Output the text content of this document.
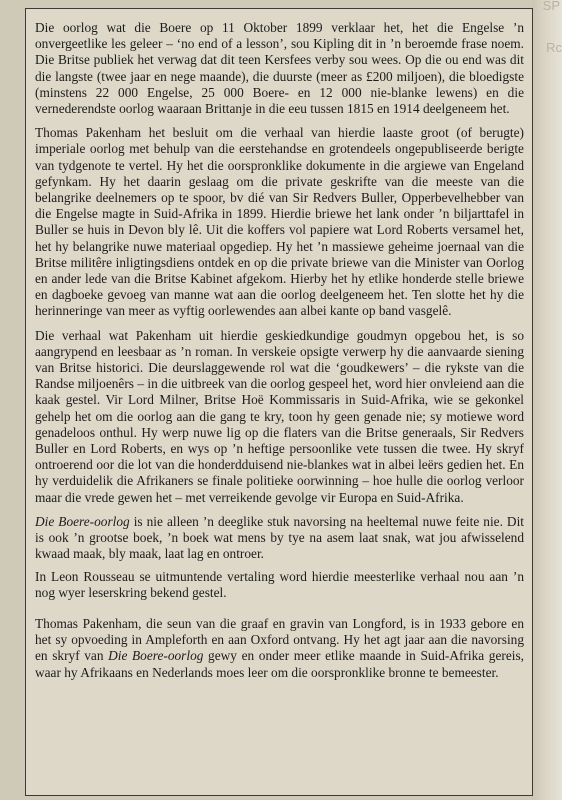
SP
Rc

Die oorlog wat die Boere op 11 Oktober 1899 verklaar het, het die Engelse ’n onvergeetlike les geleer – ‘no end of a lesson’, sou Kipling dit in ’n beroemde frase noem. Die Britse publiek het verwag dat dit teen Kersfees verby sou wees. Op die ou end was dit die langste (twee jaar en nege maande), die duurste (meer as £200 miljoen), die bloedigste (minstens 22 000 Engelse, 25 000 Boere- en 12 000 nie-blanke lewens) en die vernederendste oorlog waaraan Brittanje in die eeu tussen 1815 en 1914 deelgeneem het.

Thomas Pakenham het besluit om die verhaal van hierdie laaste groot (of berugte) imperiale oorlog met behulp van die eerstehandse en grotendeels ongepubliseerde berigte van tydgenote te vertel. Hy het die oorspronklike dokumente in die argiewe van Engeland gefynkam. Hy het daarin geslaag om die private geskrifte van die meeste van die belangrike deelnemers op te spoor, bv dié van Sir Redvers Buller, Opperbevelhebber van die Engelse magte in Suid-Afrika in 1899. Hierdie briewe het lank onder ’n biljarttafel in Buller se huis in Devon bly lê. Uit die koffers vol papiere wat Lord Roberts versamel het, het hy belangrike nuwe materiaal opgediep. Hy het ’n massiewe geheime joernaal van die Britse militêre inligtingsdiens ontdek en op die private briewe van die Minister van Oorlog en ander lede van die Britse Kabinet afgekom. Hierby het hy etlike honderde stelle briewe en dagboeke gevoeg van manne wat aan die oorlog deelgeneem het. Ten slotte het hy die herinneringe van meer as vyftig oorlewendes aan albei kante op band vasgelê.

Die verhaal wat Pakenham uit hierdie geskiedkundige goudmyn opgebou het, is so aangrypend en leesbaar as ’n roman. In verskeie opsigte verwerp hy die aanvaarde siening van Britse historici. Die deurslaggewende rol wat die ‘goudkewers’ – die rykste van die Randse miljoenêrs – in die uitbreek van die oorlog gespeel het, word hier onvleiend aan die kaak gestel. Vir Lord Milner, Britse Hoë Kommissaris in Suid-Afrika, wie se gekonkel gehelp het om die oorlog aan die gang te kry, toon hy geen genade nie; sy motiewe word genadeloos onthul. Hy werp nuwe lig op die flaters van die Britse generaals, Sir Redvers Buller en Lord Roberts, en wys op ’n heftige persoonlike vete tussen die twee. Hy skryf ontroerend oor die lot van die honderdduisend nie-blankes wat in albei leërs gedien het. En hy verduidelik die Afrikaners se finale politieke oorwinning – hoe hulle die oorlog verloor maar die vrede gewen het – met verreikende gevolge vir Europa en Suid-Afrika.

Die Boere-oorlog is nie alleen ’n deeglike stuk navorsing na heeltemal nuwe feite nie. Dit is ook ’n grootse boek, ’n boek wat mens by tye na asem laat snak, wat jou afwisselend kwaad maak, bly maak, laat lag en ontroer.

In Leon Rousseau se uitmuntende vertaling word hierdie meesterlike verhaal nou aan ’n nog wyer leserskring bekend gestel.

Thomas Pakenham, die seun van die graaf en gravin van Longford, is in 1933 gebore en het sy opvoeding in Ampleforth en aan Oxford ontvang. Hy het agt jaar aan die navorsing en skryf van Die Boere-oorlog gewy en onder meer etlike maande in Suid-Afrika gereis, waar hy Afrikaans en Nederlands moes leer om die oorspronklike bronne te bemeester.
